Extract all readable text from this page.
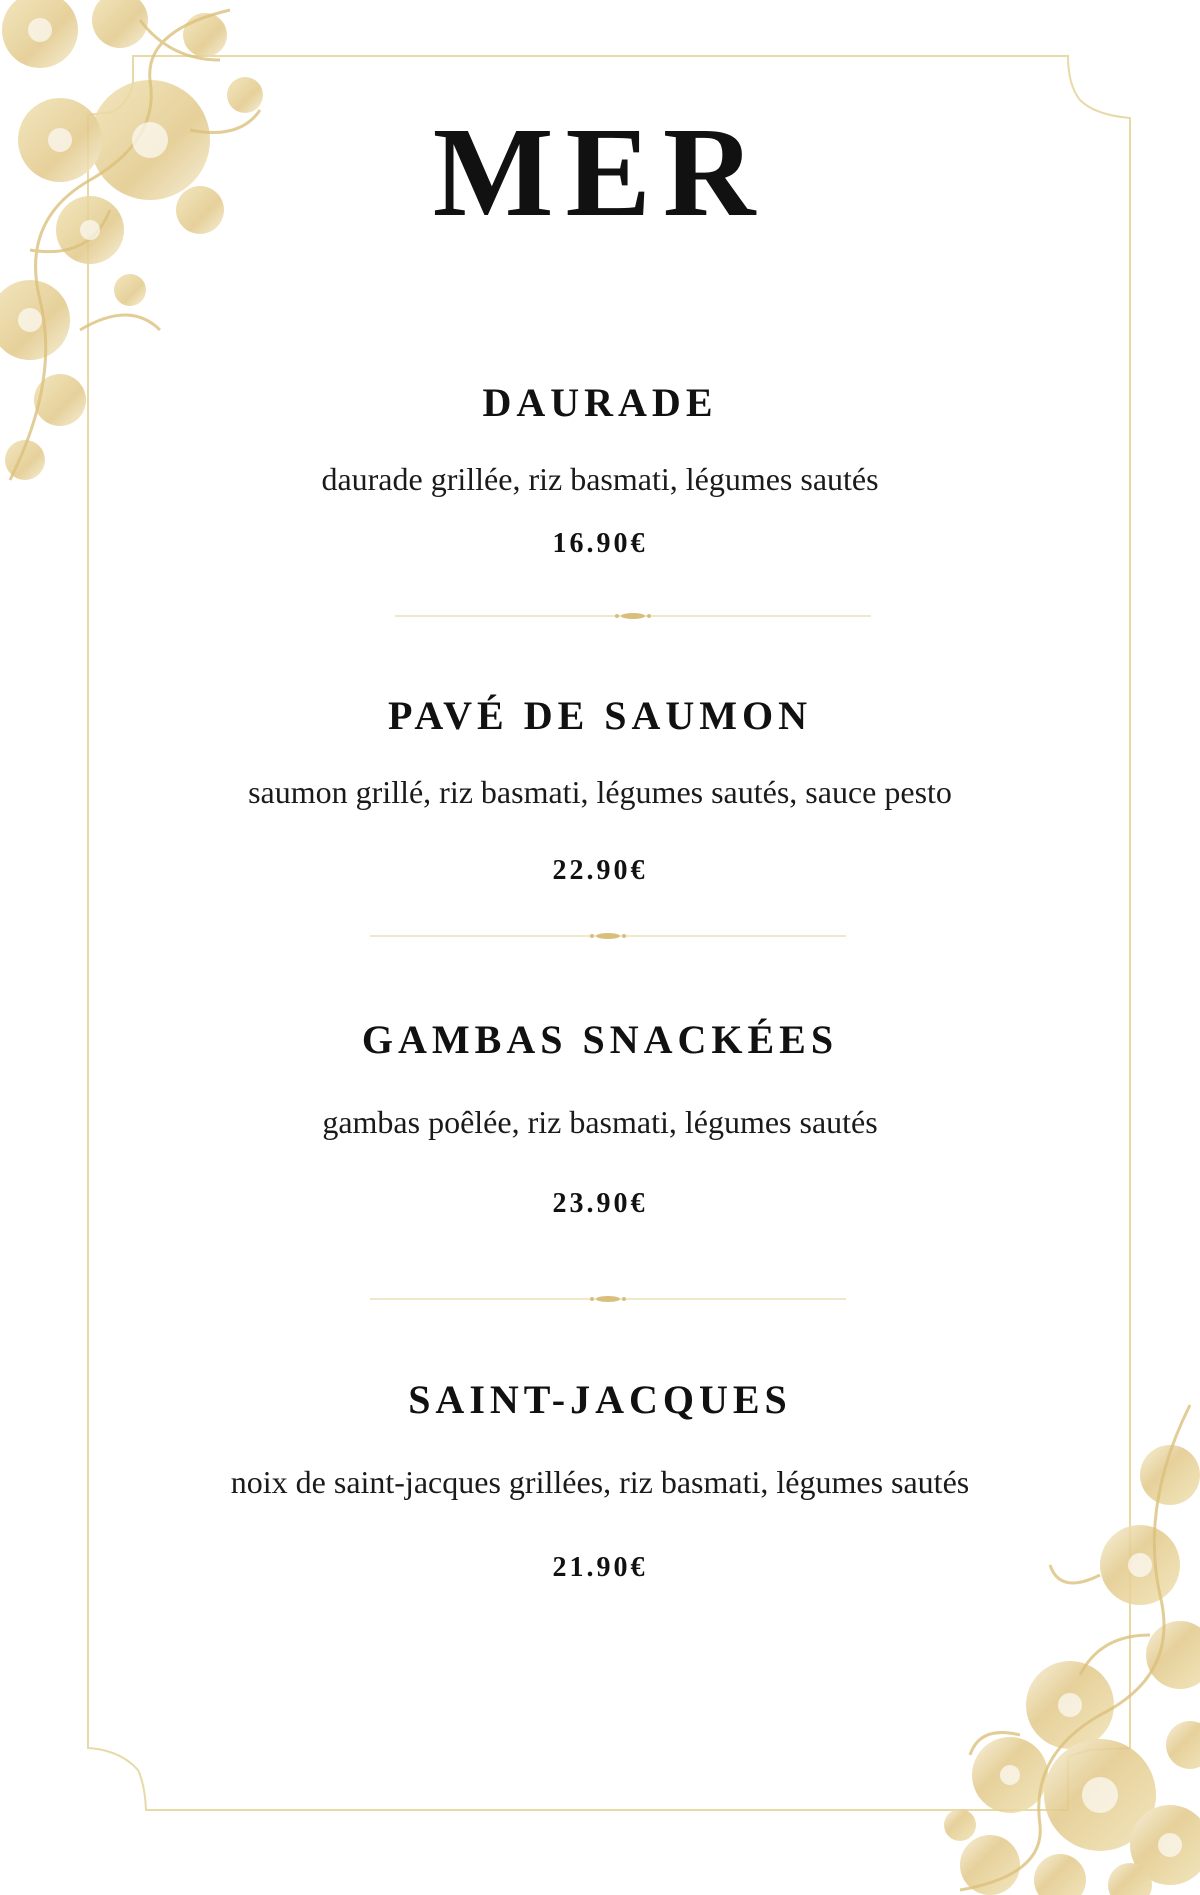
MER

DAURADE

daurade grillée, riz basmati, légumes sautés

16.90€

PAVÉ DE SAUMON

saumon grillé, riz basmati, légumes sautés, sauce pesto

22.90€

GAMBAS SNACKÉES

gambas poêlée, riz basmati, légumes sautés

23.90€

SAINT-JACQUES

noix de saint-jacques grillées, riz basmati, légumes sautés

21.90€
